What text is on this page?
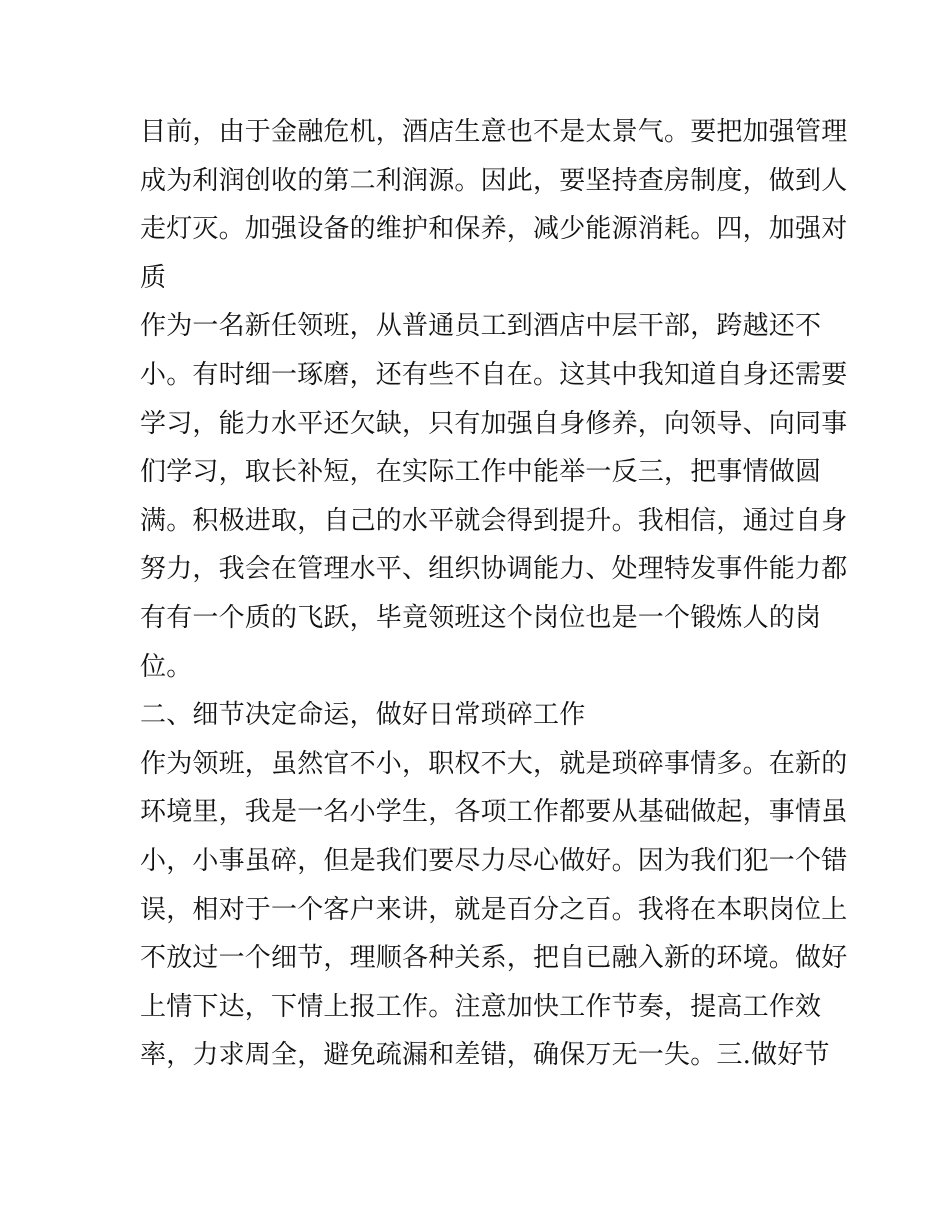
目前，由于金融危机，酒店生意也不是太景气。要把加强管理
成为利润创收的第二利润源。因此，要坚持查房制度，做到人
走灯灭。加强设备的维护和保养，减少能源消耗。四，加强对
质
作为一名新任领班，从普通员工到酒店中层干部，跨越还不
小。有时细一琢磨，还有些不自在。这其中我知道自身还需要
学习，能力水平还欠缺，只有加强自身修养，向领导、向同事
们学习，取长补短，在实际工作中能举一反三，把事情做圆
满。积极进取，自己的水平就会得到提升。我相信，通过自身
努力，我会在管理水平、组织协调能力、处理特发事件能力都
有有一个质的飞跃，毕竟领班这个岗位也是一个锻炼人的岗
位。
二、细节决定命运，做好日常琐碎工作
作为领班，虽然官不小，职权不大，就是琐碎事情多。在新的
环境里，我是一名小学生，各项工作都要从基础做起，事情虽
小，小事虽碎，但是我们要尽力尽心做好。因为我们犯一个错
误，相对于一个客户来讲，就是百分之百。我将在本职岗位上
不放过一个细节，理顺各种关系，把自已融入新的环境。做好
上情下达，下情上报工作。注意加快工作节奏，提高工作效
率，力求周全，避免疏漏和差错，确保万无一失。三.做好节
